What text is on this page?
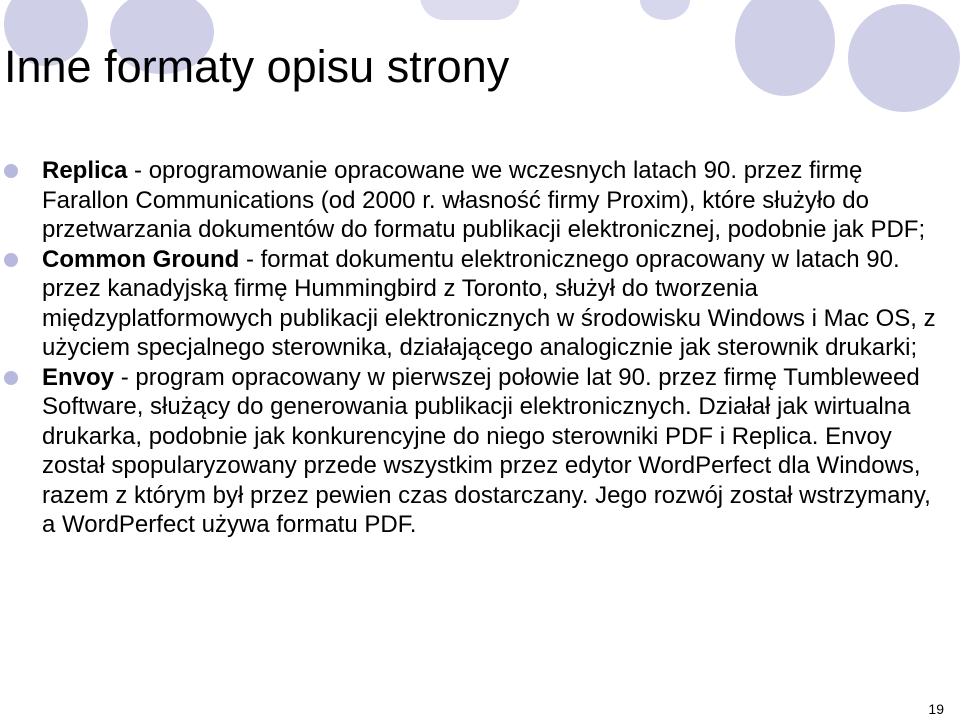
Inne formaty opisu strony
Replica - oprogramowanie opracowane we wczesnych latach 90. przez firmę Farallon Communications (od 2000 r. własność firmy Proxim), które służyło do przetwarzania dokumentów do formatu publikacji elektronicznej, podobnie jak PDF;
Common Ground - format dokumentu elektronicznego opracowany w latach 90. przez kanadyjską firmę Hummingbird z Toronto, służył do tworzenia międzyplatformowych publikacji elektronicznych w środowisku Windows i Mac OS, z użyciem specjalnego sterownika, działającego analogicznie jak sterownik drukarki;
Envoy - program opracowany w pierwszej połowie lat 90. przez firmę Tumbleweed Software, służący do generowania publikacji elektronicznych. Działał jak wirtualna drukarka, podobnie jak konkurencyjne do niego sterowniki PDF i Replica. Envoy został spopularyzowany przede wszystkim przez edytor WordPerfect dla Windows, razem z którym był przez pewien czas dostarczany. Jego rozwój został wstrzymany, a WordPerfect używa formatu PDF.
19
